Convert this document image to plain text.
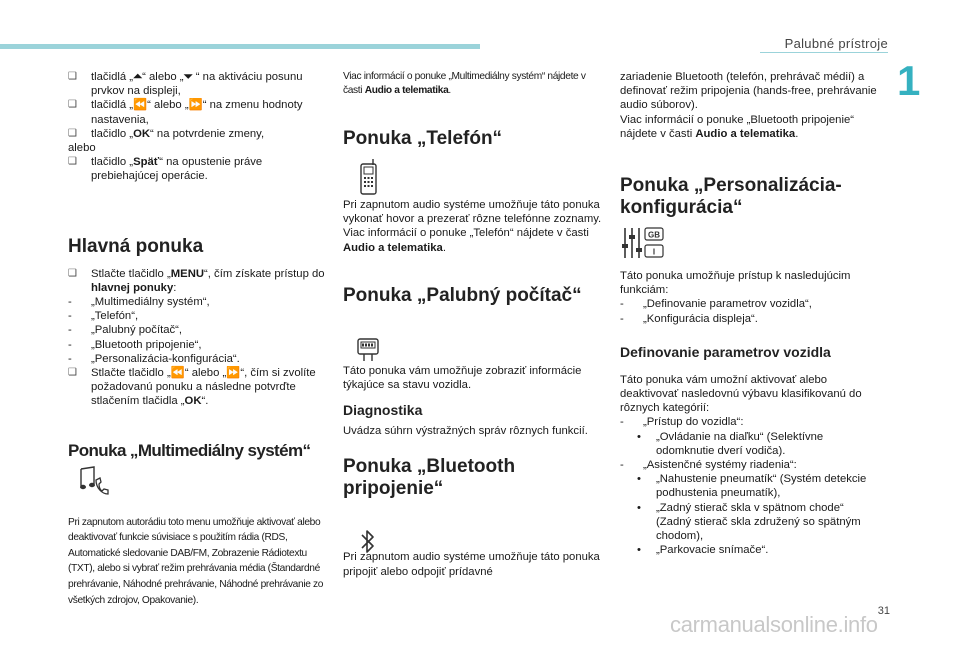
Palubné prístroje
1

❑ tlačidlá „⏶“ alebo „⏷ “ na aktiváciu posunu prvkov na displeji,

❑ tlačidlá „⏪“ alebo „⏩“ na zmenu hodnoty nastavenia,

❑ tlačidlo „OK“ na potvrdenie zmeny,

alebo

❑ tlačidlo „Späť“ na opustenie práve prebiehajúcej operácie.

Hlavná ponuka

❑ Stlačte tlačidlo „MENU“, čím získate prístup do hlavnej ponuky:

- „Multimediálny systém“,

- „Telefón“,

- „Palubný počítač“,

- „Bluetooth pripojenie“,

- „Personalizácia-konfigurácia“.

❑ Stlačte tlačidlo „⏪“ alebo „⏩“, čím si zvolíte požadovanú ponuku a následne potvrďte stlačením tlačidla „OK“.

Ponuka „Multimediálny systém“

Pri zapnutom autorádiu toto menu umožňuje aktivovať alebo deaktivovať funkcie súvisiace s použitím rádia (RDS, Automatické sledovanie DAB/FM, Zobrazenie Rádiotextu (TXT), alebo si vybrať režim prehrávania média (Štandardné prehrávanie, Náhodné prehrávanie, Náhodné prehrávanie zo všetkých zdrojov, Opakovanie).

Viac informácií o ponuke „Multimediálny systém“ nájdete v časti Audio a telematika.

Ponuka „Telefón“

Pri zapnutom audio systéme umožňuje táto ponuka vykonať hovor a prezerať rôzne telefónne zoznamy.

Viac informácií o ponuke „Telefón“ nájdete v časti Audio a telematika.

Ponuka „Palubný počítač“

Táto ponuka vám umožňuje zobraziť informácie týkajúce sa stavu vozidla.

Diagnostika

Uvádza súhrn výstražných správ rôznych funkcií.

Ponuka „Bluetooth pripojenie“

Pri zapnutom audio systéme umožňuje táto ponuka pripojiť alebo odpojiť prídavné

zariadenie Bluetooth (telefón, prehrávač médií) a definovať režim pripojenia (hands-free, prehrávanie audio súborov).

Viac informácií o ponuke „Bluetooth pripojenie“ nájdete v časti Audio a telematika.

Ponuka „Personalizácia-konfigurácia“

Táto ponuka umožňuje prístup k nasledujúcim funkciám:

- „Definovanie parametrov vozidla“,

- „Konfigurácia displeja“.

Definovanie parametrov vozidla

Táto ponuka vám umožní aktivovať alebo deaktivovať nasledovnú výbavu klasifikovanú do rôznych kategórií:

- „Prístup do vozidla“:

• „Ovládanie na diaľku“ (Selektívne odomknutie dverí vodiča).

- „Asistenčné systémy riadenia“:

• „Nahustenie pneumatík“ (Systém detekcie podhustenia pneumatík),

• „Zadný stierač skla v spätnom chode“ (Zadný stierač skla združený so spätným chodom),

• „Parkovacie snímače“.

GB
I
31
carmanualsonline.info
